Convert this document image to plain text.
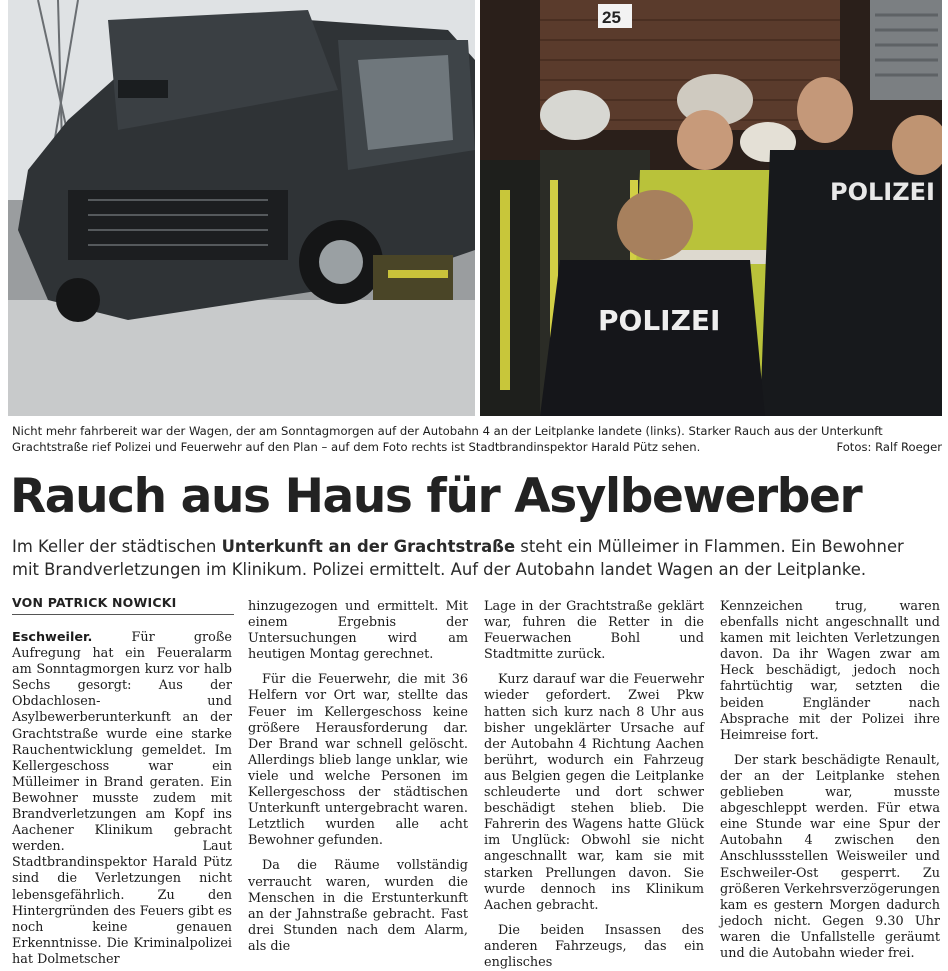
25
POLIZEI
POLIZEI

Nicht mehr fahrbereit war der Wagen, der am Sonntagmorgen auf der Autobahn 4 an der Leitplanke landete (links). Starker Rauch aus der Unterkunft

Grachtstraße rief Polizei und Feuerwehr auf den Plan – auf dem Foto rechts ist Stadtbrandinspektor Harald Pütz sehen.	Fotos: Ralf Roeger

Rauch aus Haus für Asylbewerber

Im Keller der städtischen Unterkunft an der Grachtstraße steht ein Mülleimer in Flammen. Ein Bewohner

mit Brandverletzungen im Klinikum. Polizei ermittelt. Auf der Autobahn landet Wagen an der Leitplanke.

VON PATRICK NOWICKI

Eschweiler. Für große Aufregung hat ein Feueralarm am Sonntagmorgen kurz vor halb Sechs gesorgt: Aus der Obdachlosen- und Asylbewerberunterkunft an der Grachtstraße wurde eine starke Rauchentwicklung gemeldet. Im Kellergeschoss war ein Mülleimer in Brand geraten. Ein Bewohner musste zudem mit Brandverletzungen am Kopf ins Aachener Klinikum gebracht werden. Laut Stadtbrandinspektor Harald Pütz sind die Verletzungen nicht lebensgefährlich. Zu den Hintergründen des Feuers gibt es noch keine genauen Erkenntnisse. Die Kriminalpolizei hat Dolmetscher

hinzugezogen und ermittelt. Mit einem Ergebnis der Untersuchungen wird am heutigen Montag gerechnet.

Für die Feuerwehr, die mit 36 Helfern vor Ort war, stellte das Feuer im Kellergeschoss keine größere Herausforderung dar. Der Brand war schnell gelöscht. Allerdings blieb lange unklar, wie viele und welche Personen im Kellergeschoss der städtischen Unterkunft untergebracht waren. Letztlich wurden alle acht Bewohner gefunden.

Da die Räume vollständig verraucht waren, wurden die Menschen in die Erstunterkunft an der Jahnstraße gebracht. Fast drei Stunden nach dem Alarm, als die

Lage in der Grachtstraße geklärt war, fuhren die Retter in die Feuerwachen Bohl und Stadtmitte zurück.

Kurz darauf war die Feuerwehr wieder gefordert. Zwei Pkw hatten sich kurz nach 8 Uhr aus bisher ungeklärter Ursache auf der Autobahn 4 Richtung Aachen berührt, wodurch ein Fahrzeug aus Belgien gegen die Leitplanke schleuderte und dort schwer beschädigt stehen blieb. Die Fahrerin des Wagens hatte Glück im Unglück: Obwohl sie nicht angeschnallt war, kam sie mit starken Prellungen davon. Sie wurde dennoch ins Klinikum Aachen gebracht.

Die beiden Insassen des anderen Fahrzeugs, das ein englisches

Kennzeichen trug, waren ebenfalls nicht angeschnallt und kamen mit leichten Verletzungen davon. Da ihr Wagen zwar am Heck beschädigt, jedoch noch fahrtüchtig war, setzten die beiden Engländer nach Absprache mit der Polizei ihre Heimreise fort.

Der stark beschädigte Renault, der an der Leitplanke stehen geblieben war, musste abgeschleppt werden. Für etwa eine Stunde war eine Spur der Autobahn 4 zwischen den Anschlussstellen Weisweiler und Eschweiler-Ost gesperrt. Zu größeren Verkehrsverzögerungen kam es gestern Morgen dadurch jedoch nicht. Gegen 9.30 Uhr waren die Unfallstelle geräumt und die Autobahn wieder frei.
